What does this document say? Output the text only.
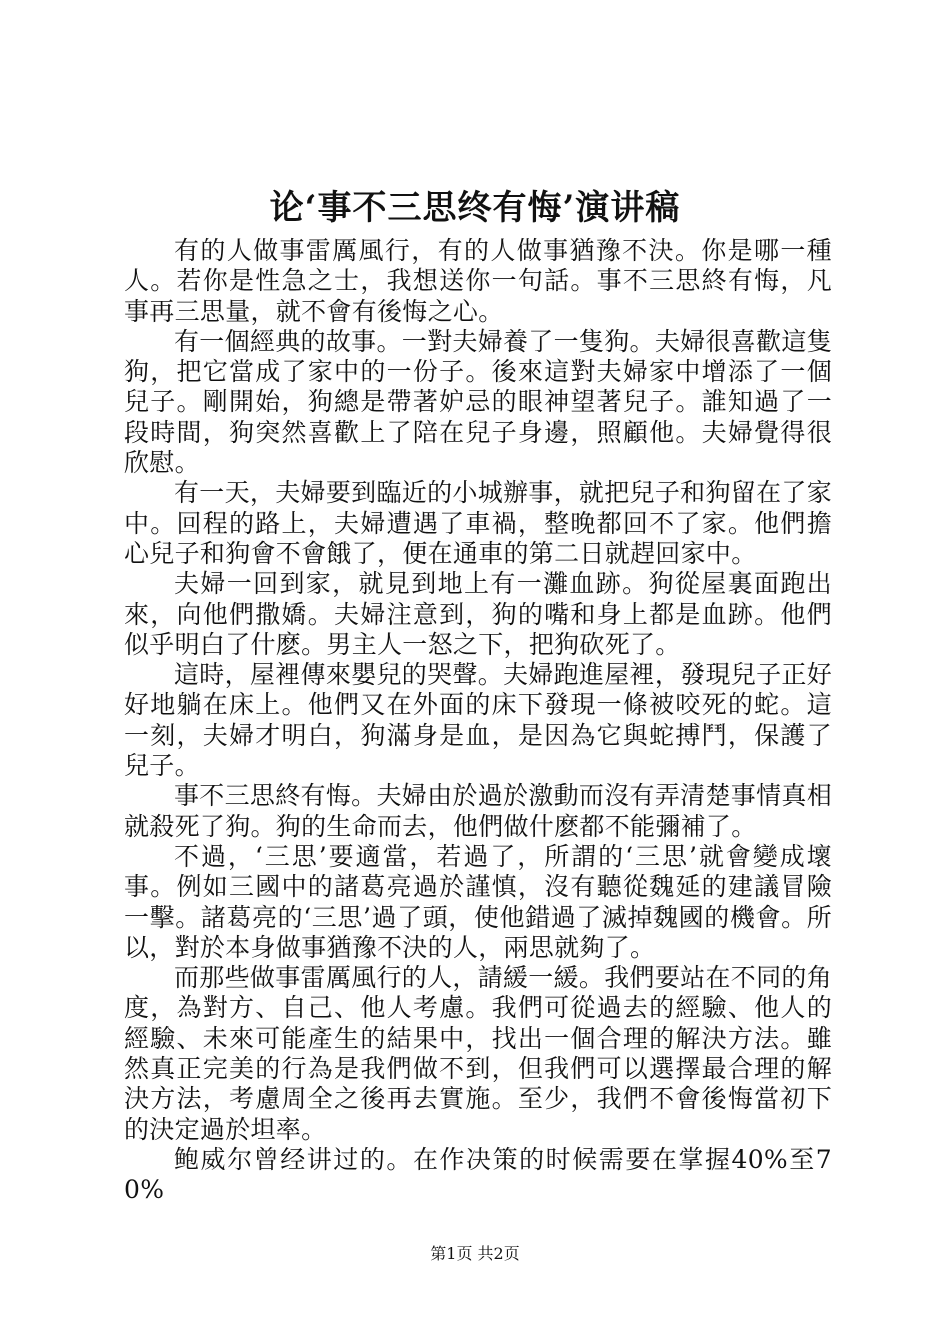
论‘事不三思终有悔’演讲稿

有的人做事雷厲風行，有的人做事猶豫不決。你是哪一種人。若你是性急之士，我想送你一句話。事不三思終有悔，凡事再三思量，就不會有後悔之心。

有一個經典的故事。一對夫婦養了一隻狗。夫婦很喜歡這隻狗，把它當成了家中的一份子。後來這對夫婦家中增添了一個兒子。剛開始，狗總是帶著妒忌的眼神望著兒子。誰知過了一段時間，狗突然喜歡上了陪在兒子身邊，照顧他。夫婦覺得很欣慰。

有一天，夫婦要到臨近的小城辦事，就把兒子和狗留在了家中。回程的路上，夫婦遭遇了車禍，整晚都回不了家。他們擔心兒子和狗會不會餓了，便在通車的第二日就趕回家中。

夫婦一回到家，就見到地上有一灘血跡。狗從屋裏面跑出來，向他們撒嬌。夫婦注意到，狗的嘴和身上都是血跡。他們似乎明白了什麽。男主人一怒之下，把狗砍死了。

這時，屋裡傳來嬰兒的哭聲。夫婦跑進屋裡，發現兒子正好好地躺在床上。他們又在外面的床下發現一條被咬死的蛇。這一刻，夫婦才明白，狗滿身是血，是因為它與蛇搏鬥，保護了兒子。

事不三思終有悔。夫婦由於過於激動而沒有弄清楚事情真相就殺死了狗。狗的生命而去，他們做什麽都不能彌補了。

不過，‘三思’要適當，若過了，所謂的‘三思’就會變成壞事。例如三國中的諸葛亮過於謹慎，沒有聽從魏延的建議冒險一擊。諸葛亮的‘三思’過了頭，使他錯過了滅掉魏國的機會。所以，對於本身做事猶豫不決的人，兩思就夠了。

而那些做事雷厲風行的人，請緩一緩。我們要站在不同的角度，為對方、自己、他人考慮。我們可從過去的經驗、他人的經驗、未來可能產生的結果中，找出一個合理的解決方法。雖然真正完美的行為是我們做不到，但我們可以選擇最合理的解決方法，考慮周全之後再去實施。至少，我們不會後悔當初下的決定過於坦率。

鲍威尔曾经讲过的。在作决策的时候需要在掌握40%至70%

第1页 共2页
